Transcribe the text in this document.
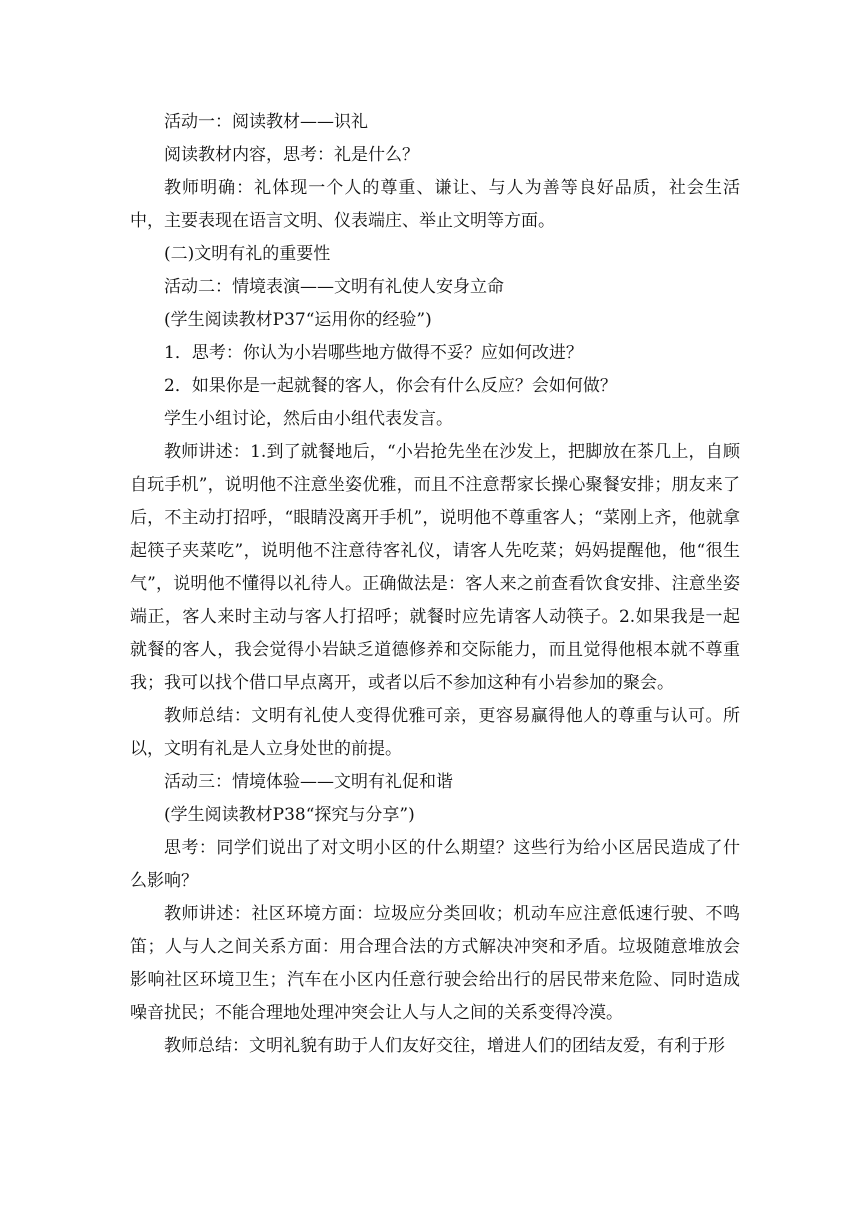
活动一：阅读教材——识礼

阅读教材内容，思考：礼是什么？

教师明确：礼体现一个人的尊重、谦让、与人为善等良好品质，社会生活中，主要表现在语言文明、仪表端庄、举止文明等方面。

(二)文明有礼的重要性

活动二：情境表演——文明有礼使人安身立命

(学生阅读教材P37“运用你的经验”)

1．思考：你认为小岩哪些地方做得不妥？应如何改进？

2．如果你是一起就餐的客人，你会有什么反应？会如何做？

学生小组讨论，然后由小组代表发言。

教师讲述：1.到了就餐地后，“小岩抢先坐在沙发上，把脚放在茶几上，自顾自玩手机”，说明他不注意坐姿优雅，而且不注意帮家长操心聚餐安排；朋友来了后，不主动打招呼，“眼睛没离开手机”，说明他不尊重客人；“菜刚上齐，他就拿起筷子夹菜吃”，说明他不注意待客礼仪，请客人先吃菜；妈妈提醒他，他“很生气”，说明他不懂得以礼待人。正确做法是：客人来之前查看饮食安排、注意坐姿端正，客人来时主动与客人打招呼；就餐时应先请客人动筷子。2.如果我是一起就餐的客人，我会觉得小岩缺乏道德修养和交际能力，而且觉得他根本就不尊重我；我可以找个借口早点离开，或者以后不参加这种有小岩参加的聚会。

教师总结：文明有礼使人变得优雅可亲，更容易赢得他人的尊重与认可。所以，文明有礼是人立身处世的前提。

活动三：情境体验——文明有礼促和谐

(学生阅读教材P38“探究与分享”)

思考：同学们说出了对文明小区的什么期望？这些行为给小区居民造成了什么影响？

教师讲述：社区环境方面：垃圾应分类回收；机动车应注意低速行驶、不鸣笛；人与人之间关系方面：用合理合法的方式解决冲突和矛盾。垃圾随意堆放会影响社区环境卫生；汽车在小区内任意行驶会给出行的居民带来危险、同时造成噪音扰民；不能合理地处理冲突会让人与人之间的关系变得冷漠。

教师总结：文明礼貌有助于人们友好交往，增进人们的团结友爱，有利于形
